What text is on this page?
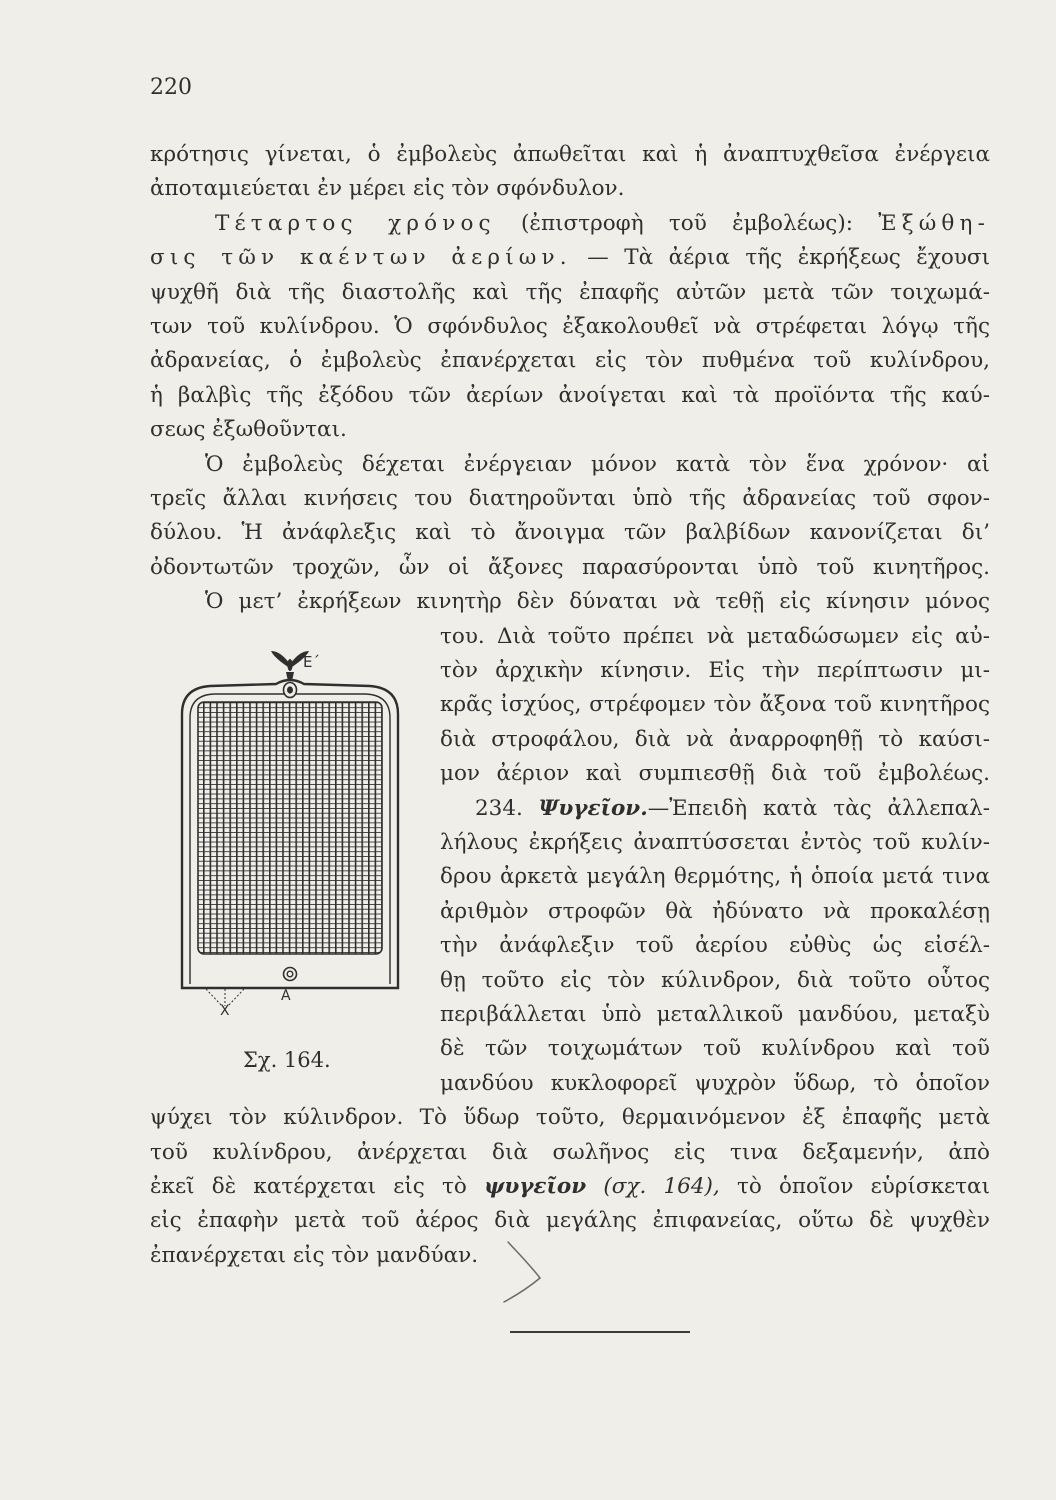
220
κρότησις γίνεται, ὁ ἐμβολεὺς ἀπωθεῖται καὶ ἡ ἀναπτυχθεῖσα ἐνέργεια
ἀποταμιεύεται ἐν μέρει εἰς τὸν σφόνδυλον.
Τέταρτος χρόνος (ἐπιστροφὴ τοῦ ἐμβολέως): Ἐξώθη-
σις τῶν καέντων ἀερίων. — Τὰ ἀέρια τῆς ἐκρήξεως ἔχουσι
ψυχθῆ διὰ τῆς διαστολῆς καὶ τῆς ἐπαφῆς αὐτῶν μετὰ τῶν τοιχωμά-
των τοῦ κυλίνδρου. Ὁ σφόνδυλος ἐξακολουθεῖ νὰ στρέφεται λόγῳ τῆς
ἀδρανείας, ὁ ἐμβολεὺς ἐπανέρχεται εἰς τὸν πυθμένα τοῦ κυλίνδρου,
ἡ βαλβὶς τῆς ἐξόδου τῶν ἀερίων ἀνοίγεται καὶ τὰ προϊόντα τῆς καύ-
σεως ἐξωθοῦνται.
Ὁ ἐμβολεὺς δέχεται ἐνέργειαν μόνον κατὰ τὸν ἕνα χρόνον· αἱ
τρεῖς ἄλλαι κινήσεις του διατηροῦνται ὑπὸ τῆς ἀδρανείας τοῦ σφον-
δύλου. Ἡ ἀνάφλεξις καὶ τὸ ἄνοιγμα τῶν βαλβίδων κανονίζεται δι’
ὀδοντωτῶν τροχῶν, ὧν οἱ ἄξονες παρασύρονται ὑπὸ τοῦ κινητῆρος.
Ὁ μετ’ ἐκρήξεων κινητὴρ δὲν δύναται νὰ τεθῇ εἰς κίνησιν μόνος
του. Διὰ τοῦτο πρέπει νὰ μεταδώσωμεν εἰς αὐ-
τὸν ἀρχικὴν κίνησιν. Εἰς τὴν περίπτωσιν μι-
κρᾶς ἰσχύος, στρέφομεν τὸν ἄξονα τοῦ κινητῆρος
διὰ στροφάλου, διὰ νὰ ἀναρροφηθῇ τὸ καύσι-
μον ἀέριον καὶ συμπιεσθῇ διὰ τοῦ ἐμβολέως.
234. Ψυγεῖον.—Ἐπειδὴ κατὰ τὰς ἀλλεπαλ-
λήλους ἐκρήξεις ἀναπτύσσεται ἐντὸς τοῦ κυλίν-
δρου ἀρκετὰ μεγάλη θερμότης, ἡ ὁποία μετά τινα
ἀριθμὸν στροφῶν θὰ ἠδύνατο νὰ προκαλέσῃ
τὴν ἀνάφλεξιν τοῦ ἀερίου εὐθὺς ὡς εἰσέλ-
θῃ τοῦτο εἰς τὸν κύλινδρον, διὰ τοῦτο οὗτος
περιβάλλεται ὑπὸ μεταλλικοῦ μανδύου, μεταξὺ
δὲ τῶν τοιχωμάτων τοῦ κυλίνδρου καὶ τοῦ
μανδύου κυκλοφορεῖ ψυχρὸν ὕδωρ, τὸ ὁποῖον
ψύχει τὸν κύλινδρον. Τὸ ὕδωρ τοῦτο, θερμαινόμενον ἐξ ἐπαφῆς μετὰ
τοῦ κυλίνδρου, ἀνέρχεται διὰ σωλῆνος εἰς τινα δεξαμενήν, ἀπὸ
ἐκεῖ δὲ κατέρχεται εἰς τὸ ψυγεῖον (σχ. 164), τὸ ὁποῖον εὑρίσκεται
εἰς ἐπαφὴν μετὰ τοῦ ἀέρος διὰ μεγάλης ἐπιφανείας, οὕτω δὲ ψυχθὲν
ἐπανέρχεται εἰς τὸν μανδύαν.
Ε΄
Α
Χ
Σχ. 164.
